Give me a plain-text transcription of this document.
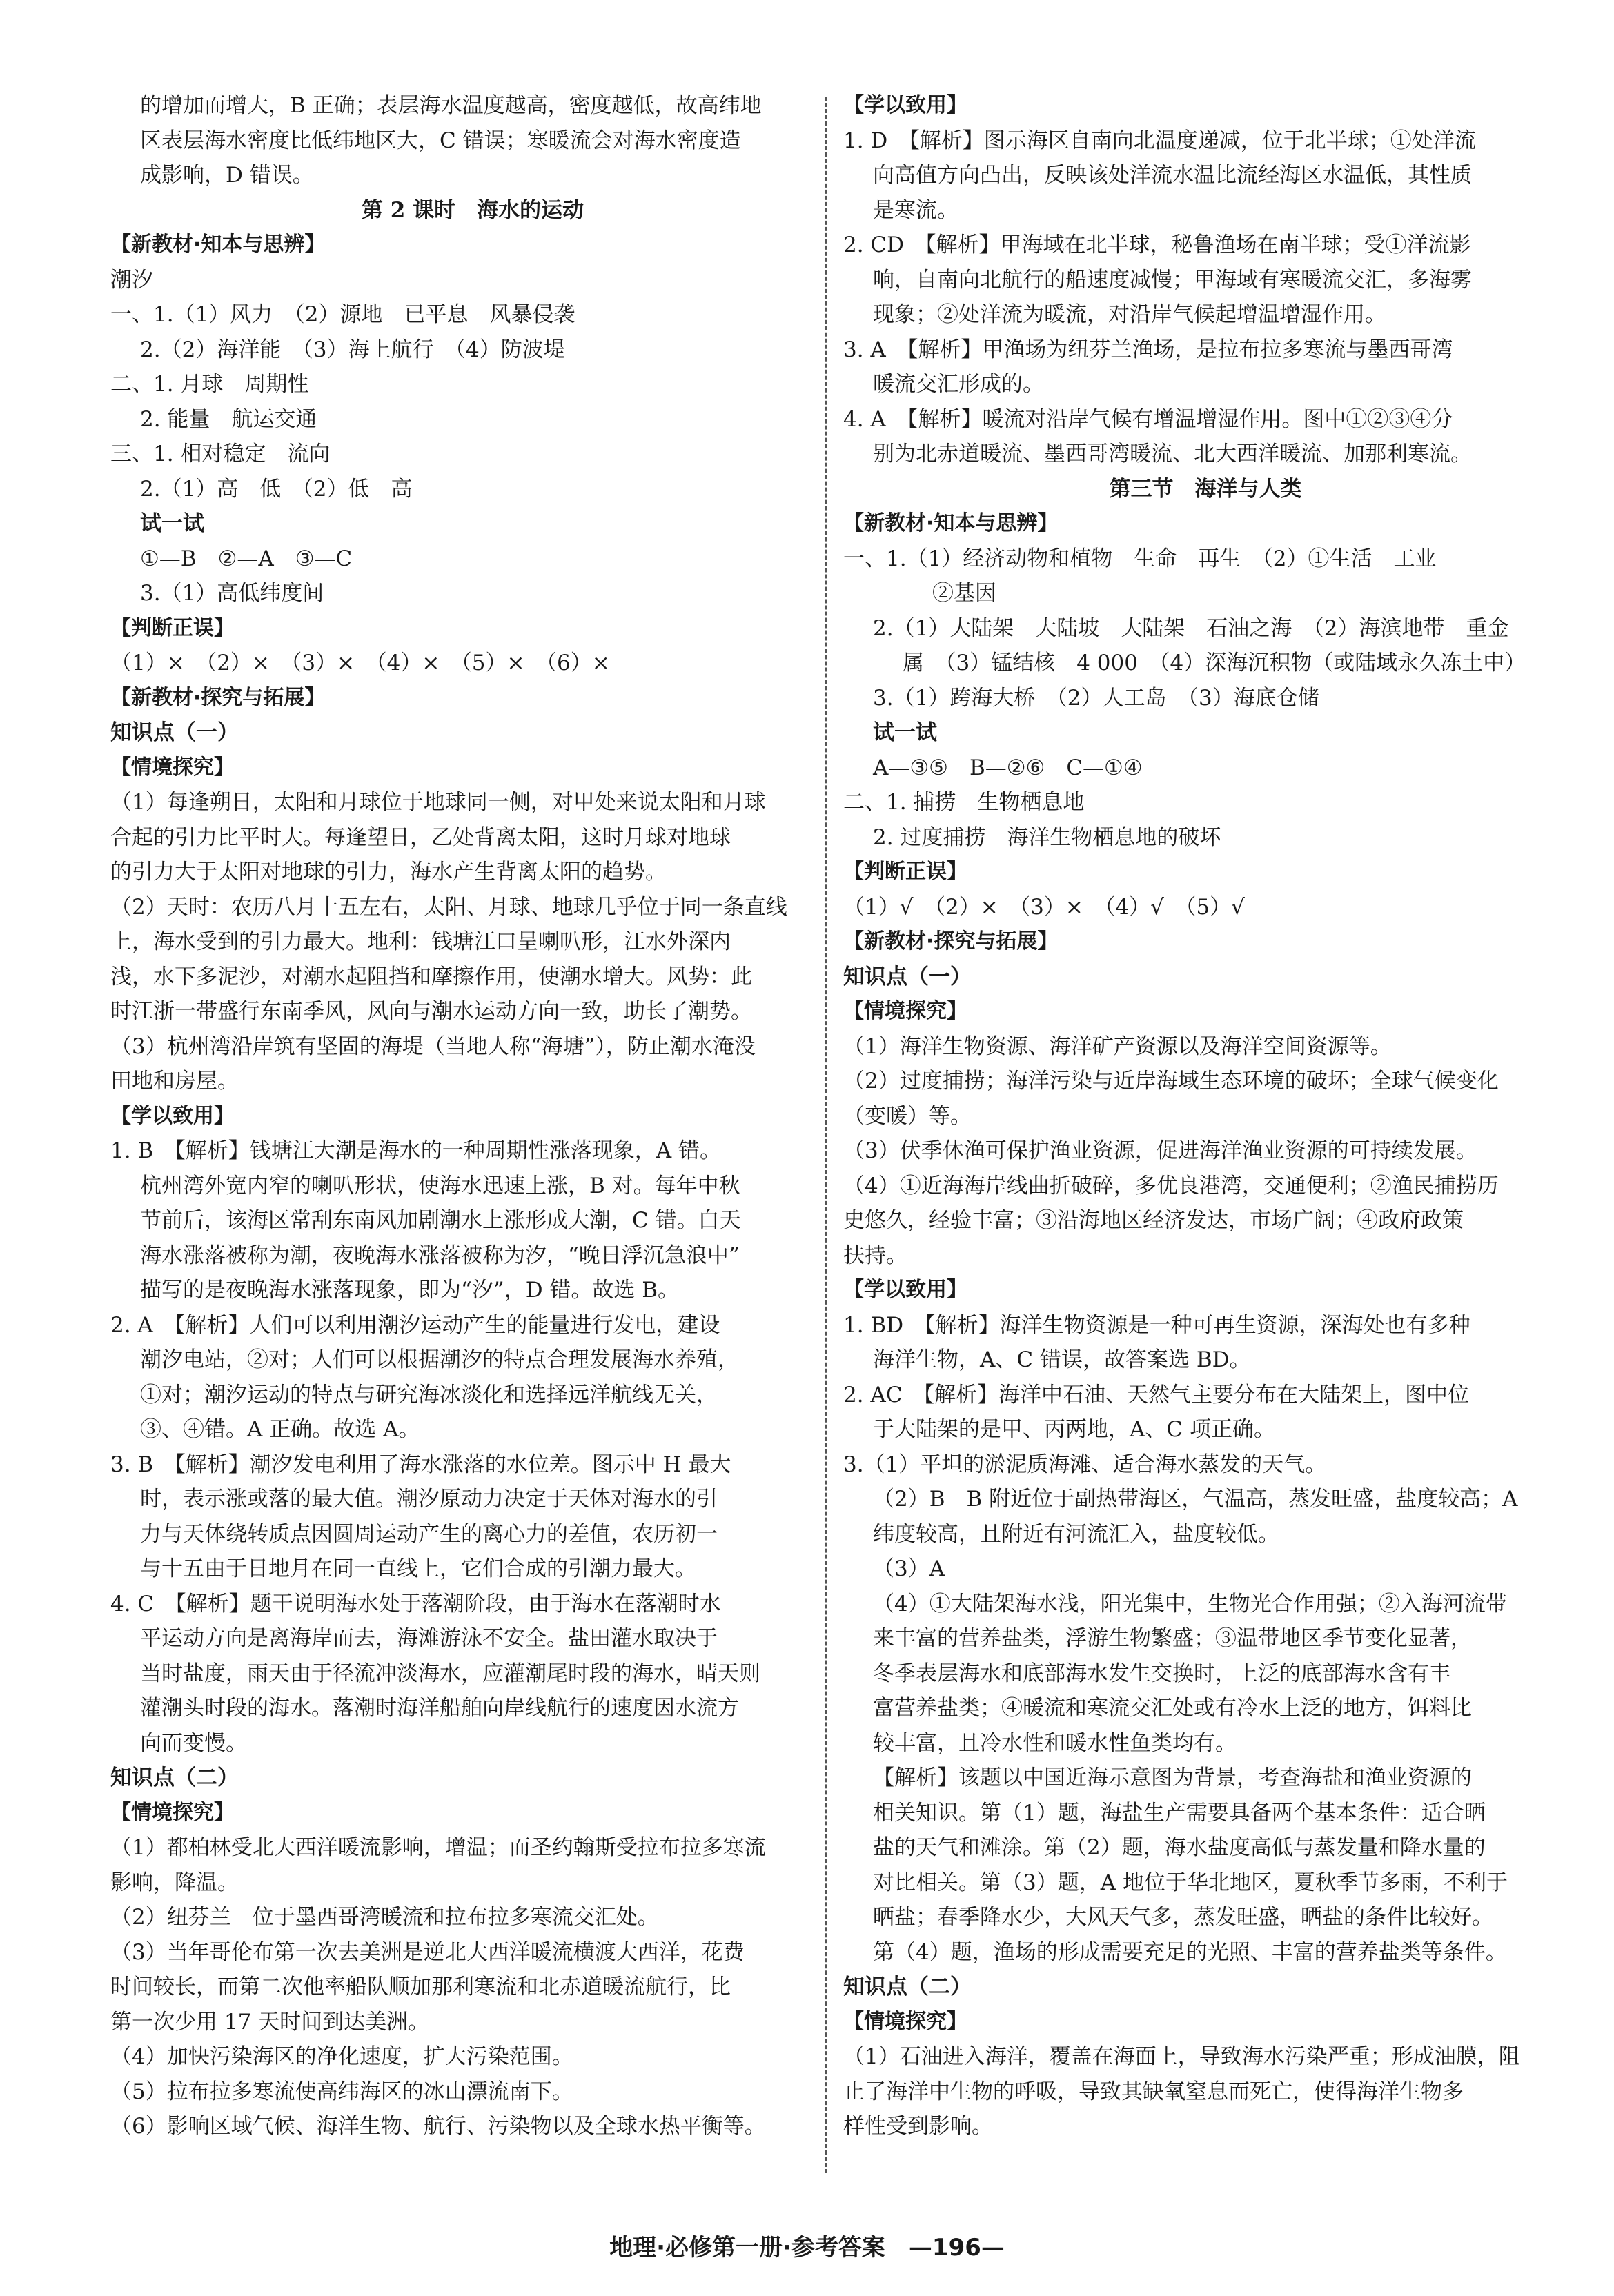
的增加而增大，B 正确；表层海水温度越高，密度越低，故高纬地

区表层海水密度比低纬地区大，C 错误；寒暖流会对海水密度造

成影响，D 错误。

第 2 课时　海水的运动

【新教材·知本与思辨】

潮汐

一、1.（1）风力　（2）源地　已平息　风暴侵袭

2.（2）海洋能　（3）海上航行　（4）防波堤

二、1. 月球　周期性

2. 能量　航运交通

三、1. 相对稳定　流向

2.（1）高　低　（2）低　高

试一试

①—B　②—A　③—C

3.（1）高低纬度间

【判断正误】

（1）×　（2）×　（3）×　（4）×　（5）×　（6）×

【新教材·探究与拓展】

知识点（一）

【情境探究】

（1）每逢朔日，太阳和月球位于地球同一侧，对甲处来说太阳和月球

合起的引力比平时大。每逢望日，乙处背离太阳，这时月球对地球

的引力大于太阳对地球的引力，海水产生背离太阳的趋势。

（2）天时：农历八月十五左右，太阳、月球、地球几乎位于同一条直线

上，海水受到的引力最大。地利：钱塘江口呈喇叭形，江水外深内

浅，水下多泥沙，对潮水起阻挡和摩擦作用，使潮水增大。风势：此

时江浙一带盛行东南季风，风向与潮水运动方向一致，助长了潮势。

（3）杭州湾沿岸筑有坚固的海堤（当地人称“海塘”），防止潮水淹没

田地和房屋。

【学以致用】

1. B　【解析】钱塘江大潮是海水的一种周期性涨落现象，A 错。

杭州湾外宽内窄的喇叭形状，使海水迅速上涨，B 对。每年中秋

节前后，该海区常刮东南风加剧潮水上涨形成大潮，C 错。白天

海水涨落被称为潮，夜晚海水涨落被称为汐，“晚日浮沉急浪中”

描写的是夜晚海水涨落现象，即为“汐”，D 错。故选 B。

2. A　【解析】人们可以利用潮汐运动产生的能量进行发电，建设

潮汐电站，②对；人们可以根据潮汐的特点合理发展海水养殖，

①对；潮汐运动的特点与研究海冰淡化和选择远洋航线无关，

③、④错。A 正确。故选 A。

3. B　【解析】潮汐发电利用了海水涨落的水位差。图示中 H 最大

时，表示涨或落的最大值。潮汐原动力决定于天体对海水的引

力与天体绕转质点因圆周运动产生的离心力的差值，农历初一

与十五由于日地月在同一直线上，它们合成的引潮力最大。

4. C　【解析】题干说明海水处于落潮阶段，由于海水在落潮时水

平运动方向是离海岸而去，海滩游泳不安全。盐田灌水取决于

当时盐度，雨天由于径流冲淡海水，应灌潮尾时段的海水，晴天则

灌潮头时段的海水。落潮时海洋船舶向岸线航行的速度因水流方

向而变慢。

知识点（二）

【情境探究】

（1）都柏林受北大西洋暖流影响，增温；而圣约翰斯受拉布拉多寒流

影响，降温。

（2）纽芬兰　位于墨西哥湾暖流和拉布拉多寒流交汇处。

（3）当年哥伦布第一次去美洲是逆北大西洋暖流横渡大西洋，花费

时间较长，而第二次他率船队顺加那利寒流和北赤道暖流航行，比

第一次少用 17 天时间到达美洲。

（4）加快污染海区的净化速度，扩大污染范围。

（5）拉布拉多寒流使高纬海区的冰山漂流南下。

（6）影响区域气候、海洋生物、航行、污染物以及全球水热平衡等。

【学以致用】

1. D　【解析】图示海区自南向北温度递减，位于北半球；①处洋流

向高值方向凸出，反映该处洋流水温比流经海区水温低，其性质

是寒流。

2. CD　【解析】甲海域在北半球，秘鲁渔场在南半球；受①洋流影

响，自南向北航行的船速度减慢；甲海域有寒暖流交汇，多海雾

现象；②处洋流为暖流，对沿岸气候起增温增湿作用。

3. A　【解析】甲渔场为纽芬兰渔场，是拉布拉多寒流与墨西哥湾

暖流交汇形成的。

4. A　【解析】暖流对沿岸气候有增温增湿作用。图中①②③④分

别为北赤道暖流、墨西哥湾暖流、北大西洋暖流、加那利寒流。

第三节　海洋与人类

【新教材·知本与思辨】

一、1.（1）经济动物和植物　生命　再生　（2）①生活　工业

②基因

2.（1）大陆架　大陆坡　大陆架　石油之海　（2）海滨地带　重金

属　（3）锰结核　4 000　（4）深海沉积物（或陆域永久冻土中）

3.（1）跨海大桥　（2）人工岛　（3）海底仓储

试一试

A—③⑤　B—②⑥　C—①④

二、1. 捕捞　生物栖息地

2. 过度捕捞　海洋生物栖息地的破坏

【判断正误】

（1）√　（2）×　（3）×　（4）√　（5）√

【新教材·探究与拓展】

知识点（一）

【情境探究】

（1）海洋生物资源、海洋矿产资源以及海洋空间资源等。

（2）过度捕捞；海洋污染与近岸海域生态环境的破坏；全球气候变化

（变暖）等。

（3）伏季休渔可保护渔业资源，促进海洋渔业资源的可持续发展。

（4）①近海海岸线曲折破碎，多优良港湾，交通便利；②渔民捕捞历

史悠久，经验丰富；③沿海地区经济发达，市场广阔；④政府政策

扶持。

【学以致用】

1. BD　【解析】海洋生物资源是一种可再生资源，深海处也有多种

海洋生物，A、C 错误，故答案选 BD。

2. AC　【解析】海洋中石油、天然气主要分布在大陆架上，图中位

于大陆架的是甲、丙两地，A、C 项正确。

3.（1）平坦的淤泥质海滩、适合海水蒸发的天气。

（2）B　B 附近位于副热带海区，气温高，蒸发旺盛，盐度较高；A

纬度较高，且附近有河流汇入，盐度较低。

（3）A

（4）①大陆架海水浅，阳光集中，生物光合作用强；②入海河流带

来丰富的营养盐类，浮游生物繁盛；③温带地区季节变化显著，

冬季表层海水和底部海水发生交换时，上泛的底部海水含有丰

富营养盐类；④暖流和寒流交汇处或有冷水上泛的地方，饵料比

较丰富，且冷水性和暖水性鱼类均有。

【解析】该题以中国近海示意图为背景，考查海盐和渔业资源的

相关知识。第（1）题，海盐生产需要具备两个基本条件：适合晒

盐的天气和滩涂。第（2）题，海水盐度高低与蒸发量和降水量的

对比相关。第（3）题，A 地位于华北地区，夏秋季节多雨，不利于

晒盐；春季降水少，大风天气多，蒸发旺盛，晒盐的条件比较好。

第（4）题，渔场的形成需要充足的光照、丰富的营养盐类等条件。

知识点（二）

【情境探究】

（1）石油进入海洋，覆盖在海面上，导致海水污染严重；形成油膜，阻

止了海洋中生物的呼吸，导致其缺氧窒息而死亡，使得海洋生物多

样性受到影响。

地理·必修第一册·参考答案　—196—
